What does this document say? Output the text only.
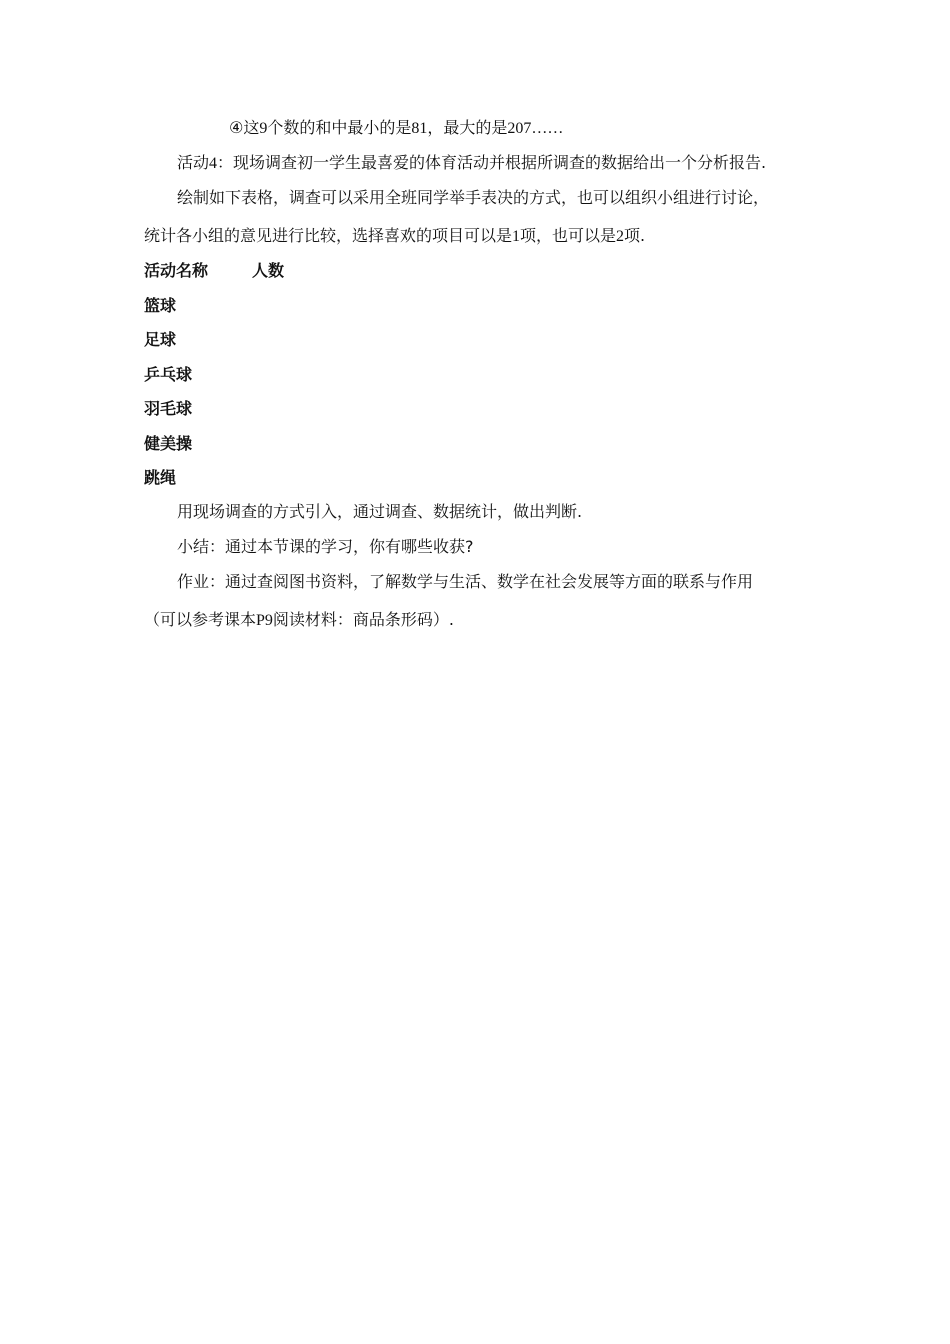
④这9个数的和中最小的是81，最大的是207……
活动4：现场调查初一学生最喜爱的体育活动并根据所调查的数据给出一个分析报告.
绘制如下表格，调查可以采用全班同学举手表决的方式，也可以组织小组进行讨论，
统计各小组的意见进行比较，选择喜欢的项目可以是1项，也可以是2项.
活动名称	人数
篮球
足球
乒乓球
羽毛球
健美操
跳绳
用现场调查的方式引入，通过调查、数据统计，做出判断.
小结：通过本节课的学习，你有哪些收获?
作业：通过查阅图书资料，了解数学与生活、数学在社会发展等方面的联系与作用
（可以参考课本P9阅读材料：商品条形码）.
